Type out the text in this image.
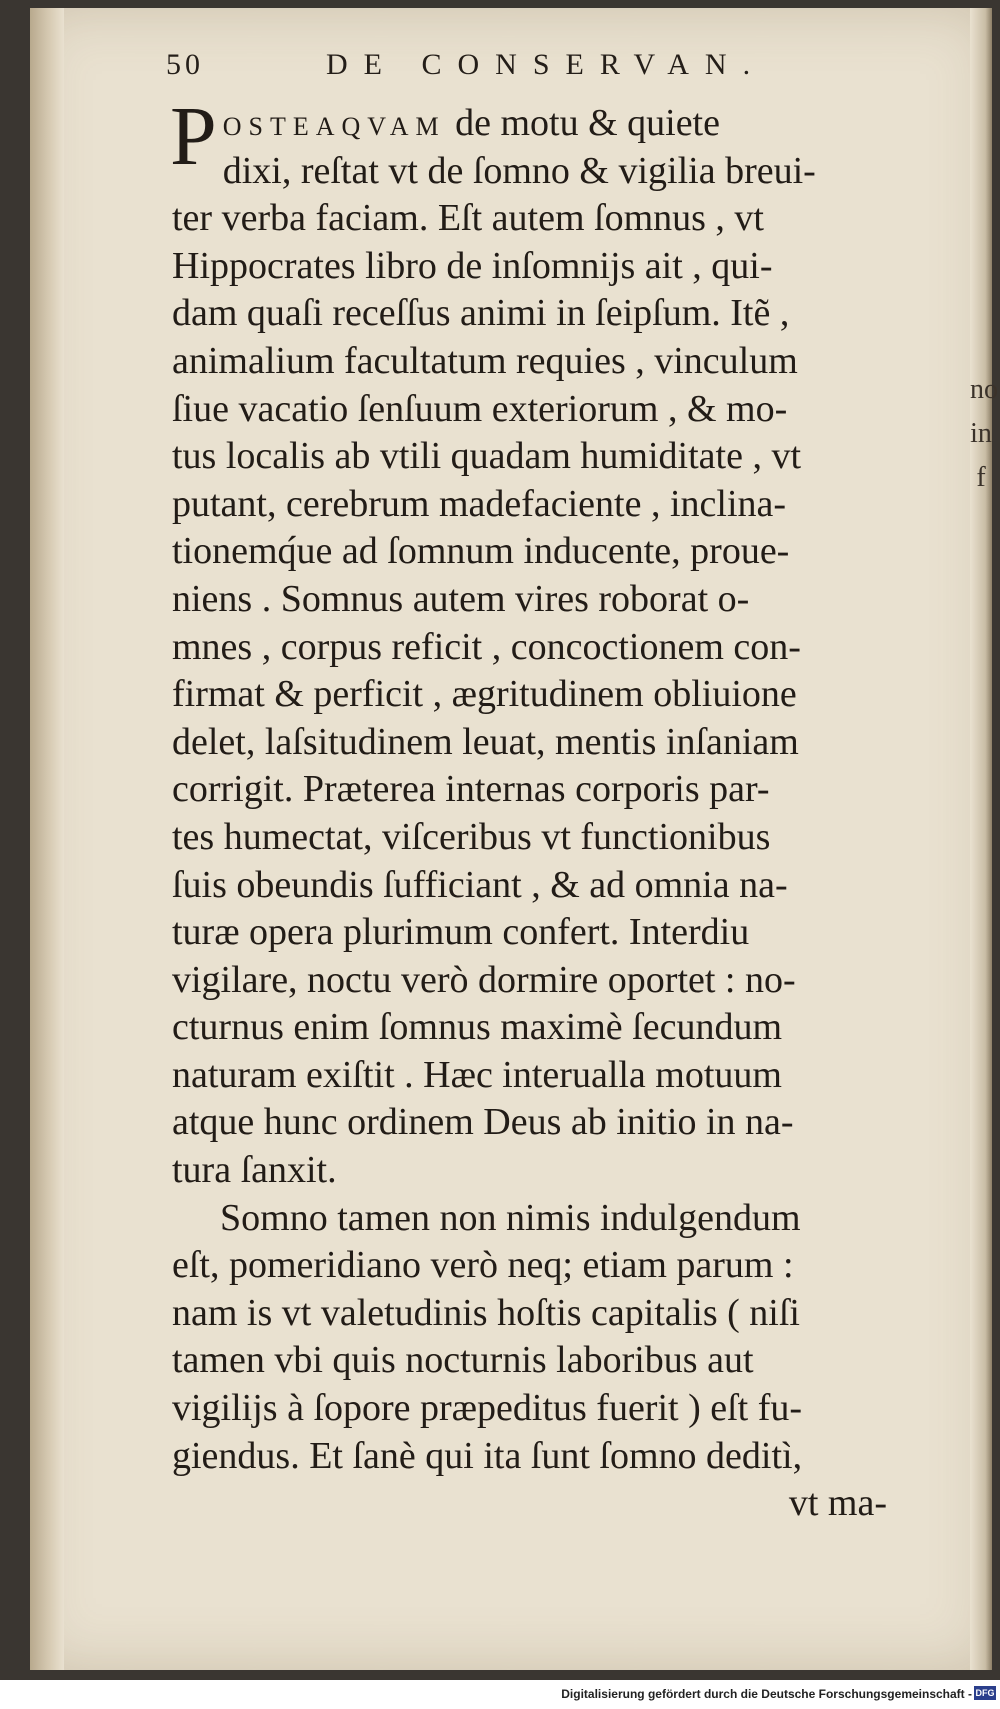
no
in
f
50	DE CONSERVAN.
POSTEAQVAM de motu & quiete
dixi, reſtat vt de ſomno & vigilia breui-
ter verba faciam. Eſt autem ſomnus , vt
Hippocrates libro de inſomnijs ait , qui-
dam quaſi receſſus animi in ſeipſum. Itẽ ,
animalium facultatum requies , vinculum
ſiue vacatio ſenſuum exteriorum , & mo-
tus localis ab vtili quadam humiditate , vt
putant, cerebrum madefaciente , inclina-
tionemq́ue ad ſomnum inducente, proue-
niens . Somnus autem vires roborat o-
mnes , corpus reficit , concoctionem con-
firmat & perficit , ægritudinem obliuione
delet, laſsitudinem leuat, mentis inſaniam
corrigit. Præterea internas corporis par-
tes humectat, viſceribus vt functionibus
ſuis obeundis ſufficiant , & ad omnia na-
turæ opera plurimum confert. Interdiu
vigilare, noctu verò dormire oportet : no-
cturnus enim ſomnus maximè ſecundum
naturam exiſtit . Hæc interualla motuum
atque hunc ordinem Deus ab initio in na-
tura ſanxit.
Somno tamen non nimis indulgendum
eſt, pomeridiano verò neq; etiam parum :
nam is vt valetudinis hoſtis capitalis ( niſi
tamen vbi quis nocturnis laboribus aut
vigilijs à ſopore præpeditus fuerit ) eſt fu-
giendus. Et ſanè qui ita ſunt ſomno deditì,
vt ma-
Digitalisierung gefördert durch die Deutsche Forschungsgemeinschaft - DFG
